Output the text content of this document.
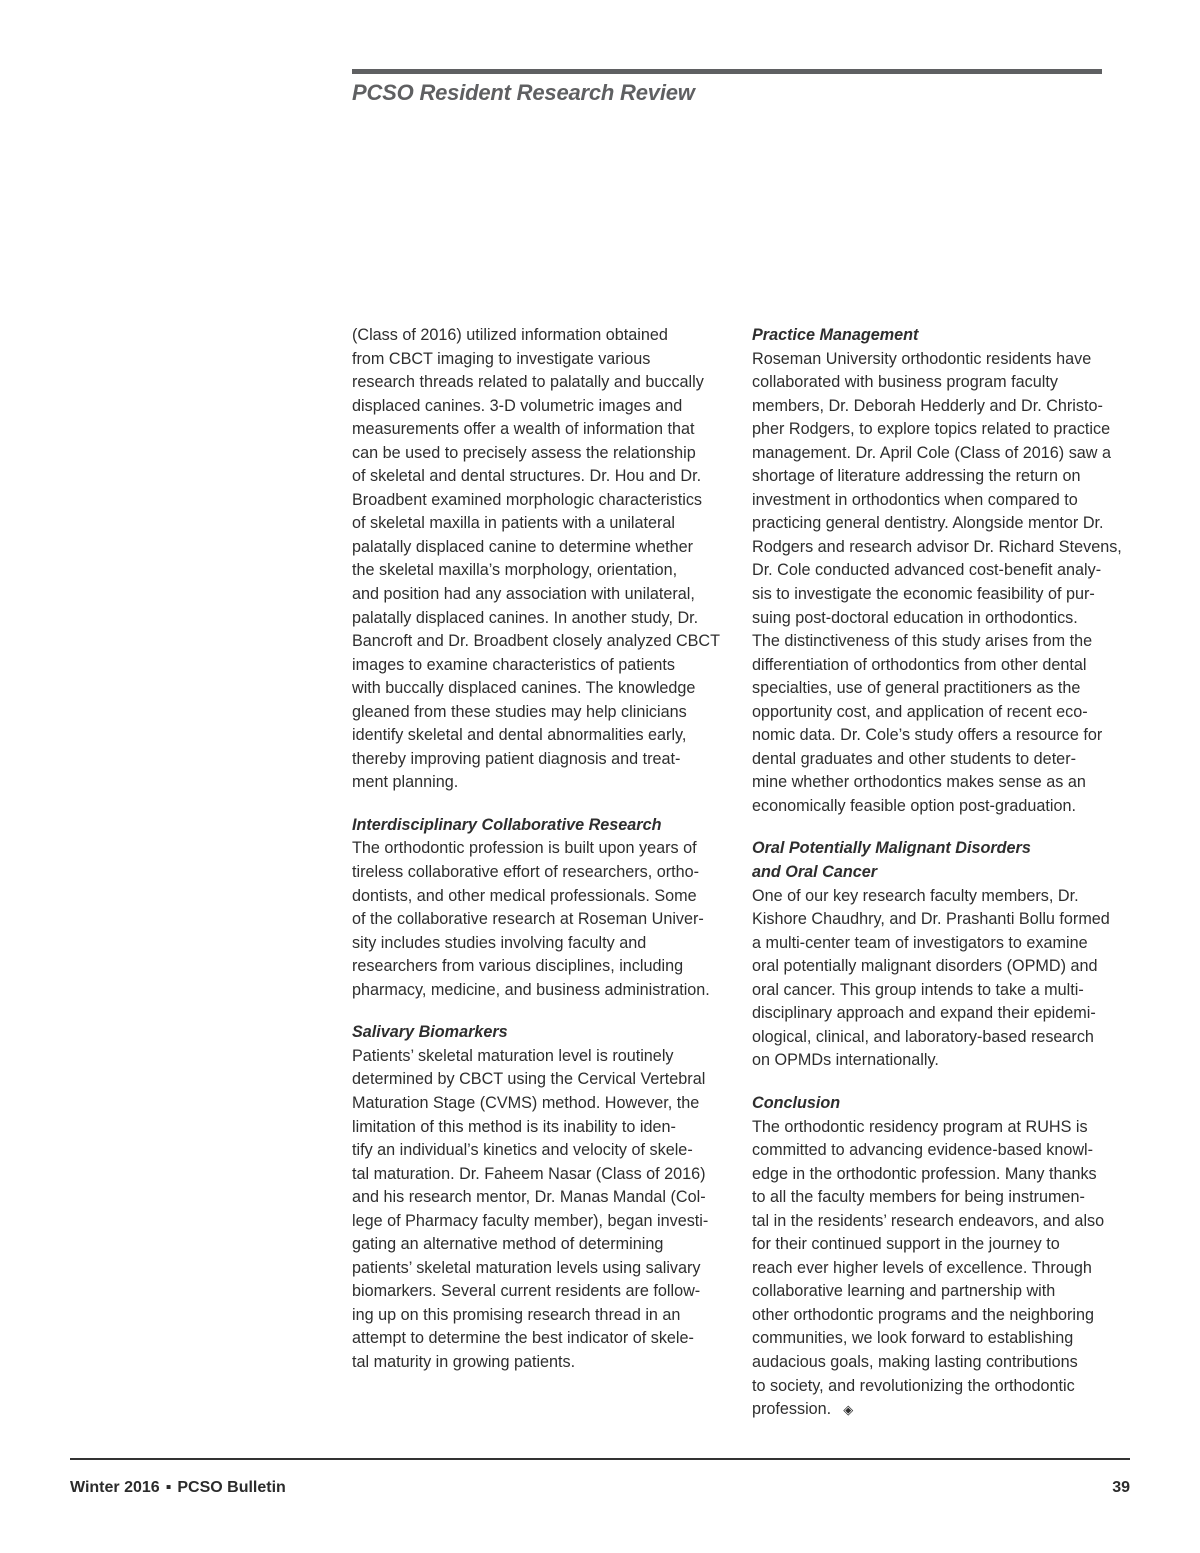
PCSO Resident Research Review
(Class of 2016) utilized information obtained
from CBCT imaging to investigate various
research threads related to palatally and buccally
displaced canines. 3-D volumetric images and
measurements offer a wealth of information that
can be used to precisely assess the relationship
of skeletal and dental structures. Dr. Hou and Dr.
Broadbent examined morphologic characteristics
of skeletal maxilla in patients with a unilateral
palatally displaced canine to determine whether
the skeletal maxilla’s morphology, orientation,
and position had any association with unilateral,
palatally displaced canines. In another study, Dr.
Bancroft and Dr. Broadbent closely analyzed CBCT
images to examine characteristics of patients
with buccally displaced canines. The knowledge
gleaned from these studies may help clinicians
identify skeletal and dental abnormalities early,
thereby improving patient diagnosis and treat-
ment planning.
Interdisciplinary Collaborative Research
The orthodontic profession is built upon years of
tireless collaborative effort of researchers, ortho-
dontists, and other medical professionals. Some
of the collaborative research at Roseman Univer-
sity includes studies involving faculty and
researchers from various disciplines, including
pharmacy, medicine, and business administration.
Salivary Biomarkers
Patients’ skeletal maturation level is routinely
determined by CBCT using the Cervical Vertebral
Maturation Stage (CVMS) method. However, the
limitation of this method is its inability to iden-
tify an individual’s kinetics and velocity of skele-
tal maturation. Dr. Faheem Nasar (Class of 2016)
and his research mentor, Dr. Manas Mandal (Col-
lege of Pharmacy faculty member), began investi-
gating an alternative method of determining
patients’ skeletal maturation levels using salivary
biomarkers. Several current residents are follow-
ing up on this promising research thread in an
attempt to determine the best indicator of skele-
tal maturity in growing patients.
Practice Management
Roseman University orthodontic residents have
collaborated with business program faculty
members, Dr. Deborah Hedderly and Dr. Christo-
pher Rodgers, to explore topics related to practice
management. Dr. April Cole (Class of 2016) saw a
shortage of literature addressing the return on
investment in orthodontics when compared to
practicing general dentistry. Alongside mentor Dr.
Rodgers and research advisor Dr. Richard Stevens,
Dr. Cole conducted advanced cost-benefit analy-
sis to investigate the economic feasibility of pur-
suing post-doctoral education in orthodontics.
The distinctiveness of this study arises from the
differentiation of orthodontics from other dental
specialties, use of general practitioners as the
opportunity cost, and application of recent eco-
nomic data. Dr. Cole’s study offers a resource for
dental graduates and other students to deter-
mine whether orthodontics makes sense as an
economically feasible option post-graduation.
Oral Potentially Malignant Disorders
and Oral Cancer
One of our key research faculty members, Dr.
Kishore Chaudhry, and Dr. Prashanti Bollu formed
a multi-center team of investigators to examine
oral potentially malignant disorders (OPMD) and
oral cancer. This group intends to take a multi-
disciplinary approach and expand their epidemi-
ological, clinical, and laboratory-based research
on OPMDs internationally.
Conclusion
The orthodontic residency program at RUHS is
committed to advancing evidence-based knowl-
edge in the orthodontic profession. Many thanks
to all the faculty members for being instrumen-
tal in the residents’ research endeavors, and also
for their continued support in the journey to
reach ever higher levels of excellence. Through
collaborative learning and partnership with
other orthodontic programs and the neighboring
communities, we look forward to establishing
audacious goals, making lasting contributions
to society, and revolutionizing the orthodontic
profession. ◈
Winter 2016 ▪ PCSO Bulletin	39
